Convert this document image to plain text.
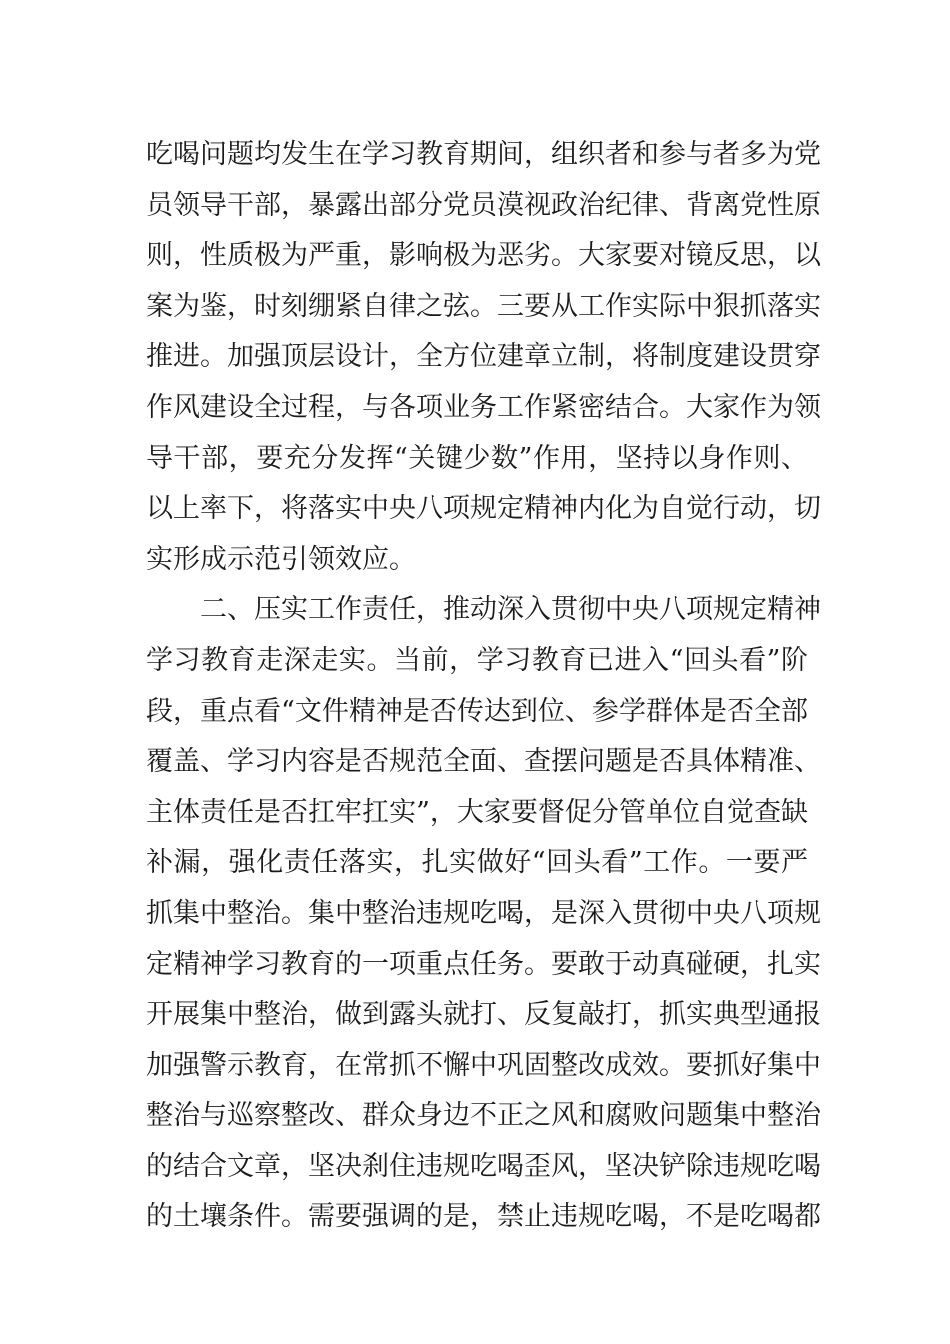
吃喝问题均发生在学习教育期间，组织者和参与者多为党
员领导干部，暴露出部分党员漠视政治纪律、背离党性原
则，性质极为严重，影响极为恶劣。大家要对镜反思，以
案为鉴，时刻绷紧自律之弦。三要从工作实际中狠抓落实
推进。加强顶层设计，全方位建章立制，将制度建设贯穿
作风建设全过程，与各项业务工作紧密结合。大家作为领
导干部，要充分发挥“关键少数”作用，坚持以身作则、
以上率下，将落实中央八项规定精神内化为自觉行动，切
实形成示范引领效应。
二、压实工作责任，推动深入贯彻中央八项规定精神
学习教育走深走实。当前，学习教育已进入“回头看”阶
段，重点看“文件精神是否传达到位、参学群体是否全部
覆盖、学习内容是否规范全面、查摆问题是否具体精准、
主体责任是否扛牢扛实”，大家要督促分管单位自觉查缺
补漏，强化责任落实，扎实做好“回头看”工作。一要严
抓集中整治。集中整治违规吃喝，是深入贯彻中央八项规
定精神学习教育的一项重点任务。要敢于动真碰硬，扎实
开展集中整治，做到露头就打、反复敲打，抓实典型通报
加强警示教育，在常抓不懈中巩固整改成效。要抓好集中
整治与巡察整改、群众身边不正之风和腐败问题集中整治
的结合文章，坚决刹住违规吃喝歪风，坚决铲除违规吃喝
的土壤条件。需要强调的是，禁止违规吃喝，不是吃喝都
